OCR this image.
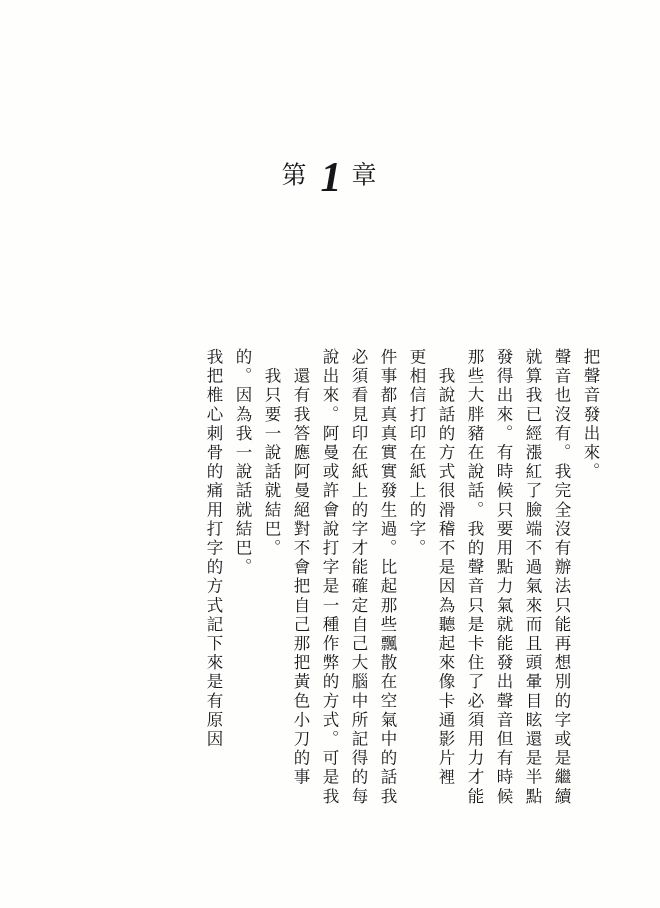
第 1 章
我把椎心刺骨的痛用打字的方式記下來是有原因 的。因為我一說話就結巴。 　我只要一說話就結巴。 　還有我答應阿曼絕對不會把自己那把黃色小刀的事 說出來。阿曼或許會說打字是一種作弊的方式。可是我 必須看見印在紙上的字才能確定自己大腦中所記得的每 件事都真真實實發生過。比起那些飄散在空氣中的話我 更相信打印在紙上的字。 　我說話的方式很滑稽不是因為聽起來像卡通影片裡 那些大胖豬在說話。我的聲音只是卡住了必須用力才能 發得出來。有時候只要用點力氣就能發出聲音但有時候 就算我已經漲紅了臉端不過氣來而且頭暈目眩還是半點 聲音也沒有。我完全沒有辦法只能再想別的字或是繼續 把聲音發出來。
